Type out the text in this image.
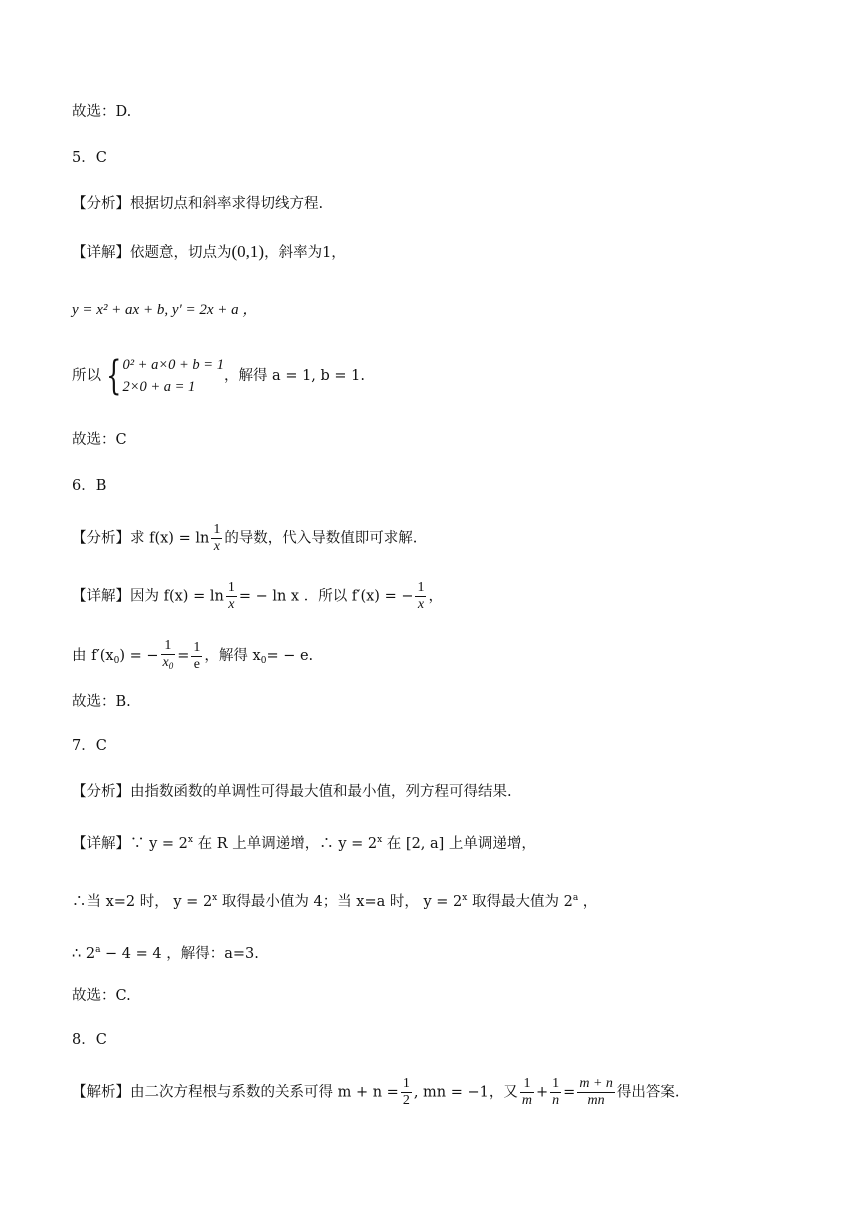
故选：D.
5．C
【分析】根据切点和斜率求得切线方程.
【详解】依题意，切点为(0,1)，斜率为1，
y = x² + ax + b, y′ = 2x + a ，
所以 { 0² + a×0 + b = 1
2×0 + a = 1
，解得 a = 1, b = 1.
故选：C
6．B
【分析】求 $f(x) = \ln \frac{1}{x}$ 的导数，代入导数值即可求解.
【详解】因为 $f(x) = \ln \frac{1}{x}$ = − ln x ．所以 f′(x) = − $\frac{1}{x}$ ，
由 $f'(x_0)$ = − $\frac{1}{x_0} = \frac{1}{e}$ ，解得 $x_0= - e$.
故选：B.
7．C
【分析】由指数函数的单调性可得最大值和最小值，列方程可得结果.
【详解】∵ $y = 2^x$ 在 R 上单调递增，∴ $y = 2^x$ 在 [2, a] 上单调递增，
∴当 x=2 时， $y = 2^x$ 取得最小值为 4；当 x=a 时， $y = 2^x$ 取得最大值为 2$^a$ ，
∴ $2^a - 4 = 4$ ，解得：a=3.
故选：C.
8．C
【解析】由二次方程根与系数的关系可得 $m + n = \frac{1}{2}$ , mn = −1，又 $\frac{1}{m} + \frac{1}{n} = \frac{m + n}{mn}$ 得出答案.
